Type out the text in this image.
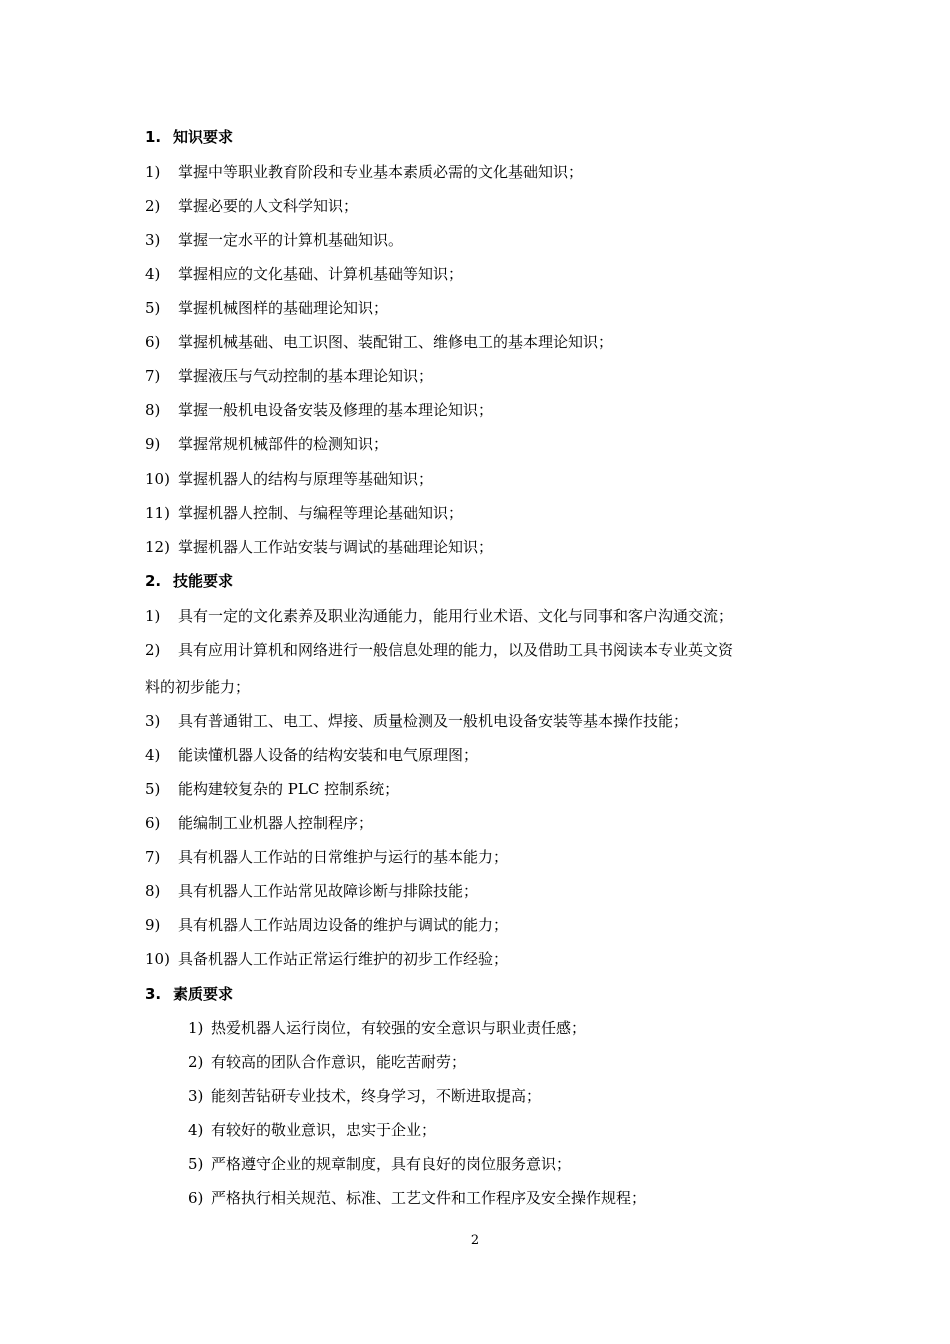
1. 知识要求
1) 掌握中等职业教育阶段和专业基本素质必需的文化基础知识；
2) 掌握必要的人文科学知识；
3) 掌握一定水平的计算机基础知识。
4) 掌握相应的文化基础、计算机基础等知识；
5) 掌握机械图样的基础理论知识；
6) 掌握机械基础、电工识图、装配钳工、维修电工的基本理论知识；
7) 掌握液压与气动控制的基本理论知识；
8) 掌握一般机电设备安装及修理的基本理论知识；
9) 掌握常规机械部件的检测知识；
10) 掌握机器人的结构与原理等基础知识；
11) 掌握机器人控制、与编程等理论基础知识；
12) 掌握机器人工作站安装与调试的基础理论知识；
2. 技能要求
1) 具有一定的文化素养及职业沟通能力，能用行业术语、文化与同事和客户沟通交流；
2) 具有应用计算机和网络进行一般信息处理的能力，以及借助工具书阅读本专业英文资
料的初步能力；
3) 具有普通钳工、电工、焊接、质量检测及一般机电设备安装等基本操作技能；
4) 能读懂机器人设备的结构安装和电气原理图；
5) 能构建较复杂的 PLC 控制系统；
6) 能编制工业机器人控制程序；
7) 具有机器人工作站的日常维护与运行的基本能力；
8) 具有机器人工作站常见故障诊断与排除技能；
9) 具有机器人工作站周边设备的维护与调试的能力；
10) 具备机器人工作站正常运行维护的初步工作经验；
3. 素质要求
1) 热爱机器人运行岗位，有较强的安全意识与职业责任感；
2) 有较高的团队合作意识，能吃苦耐劳；
3) 能刻苦钻研专业技术，终身学习，不断进取提高；
4) 有较好的敬业意识，忠实于企业；
5) 严格遵守企业的规章制度，具有良好的岗位服务意识；
6) 严格执行相关规范、标准、工艺文件和工作程序及安全操作规程；
2
